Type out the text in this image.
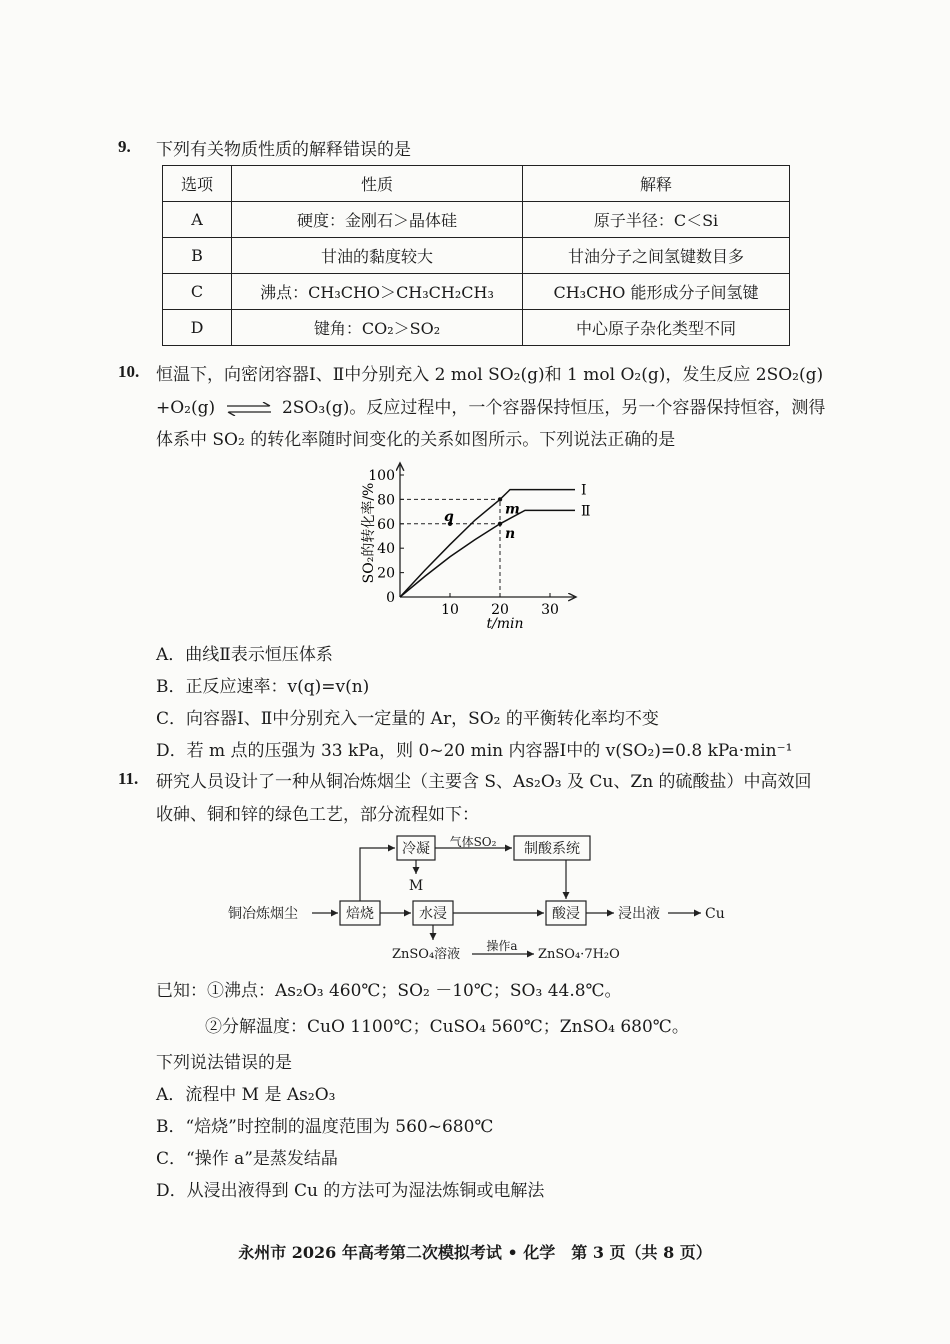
9. 下列有关物质性质的解释错误的是
选项	性质	解释
A	硬度：金刚石＞晶体硅	原子半径：C＜Si
B	甘油的黏度较大	甘油分子之间氢键数目多
C	沸点：CH₃CHO＞CH₃CH₂CH₃	CH₃CHO 能形成分子间氢键
D	键角：CO₂＞SO₂	中心原子杂化类型不同
10. 恒温下，向密闭容器Ⅰ、Ⅱ中分别充入 2 mol SO₂(g)和 1 mol O₂(g)，发生反应 2SO₂(g)
+O₂(g) ⇌ 2SO₃(g)。反应过程中，一个容器保持恒压，另一个容器保持恒容，测得
体系中 SO₂ 的转化率随时间变化的关系如图所示。下列说法正确的是
0
20
40
60
80
100
10 20 30
Ⅰ
Ⅱ
q	m
n
SO₂的转化率/%
t/min
A．曲线Ⅱ表示恒压体系
B．正反应速率：v(q)=v(n)
C．向容器Ⅰ、Ⅱ中分别充入一定量的 Ar，SO₂ 的平衡转化率均不变
D．若 m 点的压强为 33 kPa，则 0~20 min 内容器Ⅰ中的 v(SO₂)=0.8 kPa·min⁻¹
11. 研究人员设计了一种从铜冶炼烟尘（主要含 S、As₂O₃ 及 Cu、Zn 的硫酸盐）中高效回
收砷、铜和锌的绿色工艺，部分流程如下：
铜冶炼烟尘	焙烧
冷凝 气体SO₂ 制酸系统
M
水浸	酸浸	浸出液	Cu
ZnSO₄溶液
操作a
ZnSO₄·7H₂O
已知：①沸点：As₂O₃ 460℃；SO₂ －10℃；SO₃ 44.8℃。
②分解温度：CuO 1100℃；CuSO₄ 560℃；ZnSO₄ 680℃。
下列说法错误的是
A．流程中 M 是 As₂O₃
B．“焙烧”时控制的温度范围为 560~680℃
C．“操作 a”是蒸发结晶
D．从浸出液得到 Cu 的方法可为湿法炼铜或电解法
永州市 2026 年高考第二次模拟考试 • 化学　第 3 页（共 8 页）
